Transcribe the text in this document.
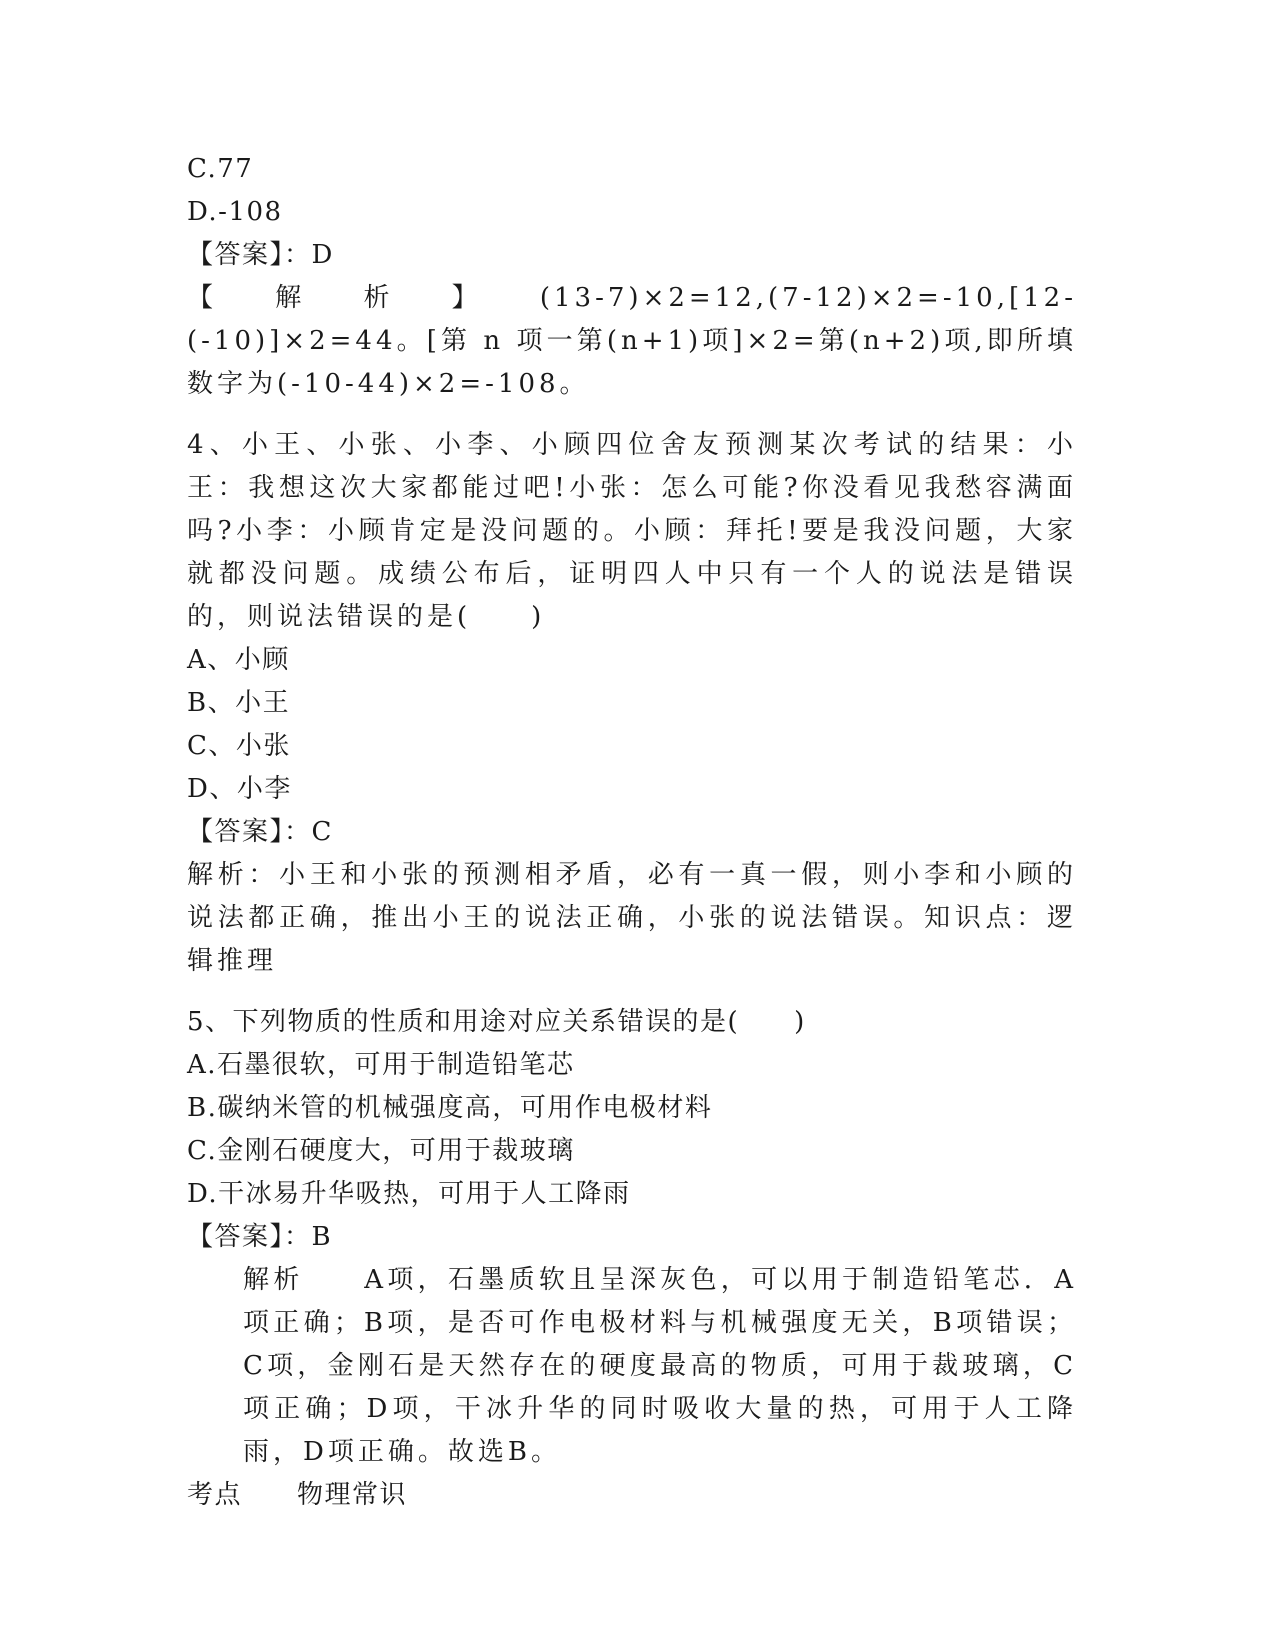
C.77
D.-108
【答案】：D
【解析】(13-7)×2=12,(7-12)×2=-10,[12-(-10)]×2=44。[第 n 项一第(n+1)项]×2=第(n+2)项,即所填数字为(-10-44)×2=-108。
4、小王、小张、小李、小顾四位舍友预测某次考试的结果：小王：我想这次大家都能过吧!小张：怎么可能?你没看见我愁容满面吗?小李：小顾肯定是没问题的。小顾：拜托!要是我没问题，大家就都没问题。成绩公布后，证明四人中只有一个人的说法是错误的，则说法错误的是(　　)
A、小顾
B、小王
C、小张
D、小李
【答案】：C
解析：小王和小张的预测相矛盾，必有一真一假，则小李和小顾的说法都正确，推出小王的说法正确，小张的说法错误。知识点：逻辑推理
5、下列物质的性质和用途对应关系错误的是(　　)
A.石墨很软，可用于制造铅笔芯
B.碳纳米管的机械强度高，可用作电极材料
C.金刚石硬度大，可用于裁玻璃
D.干冰易升华吸热，可用于人工降雨
【答案】：B
解析　　A项，石墨质软且呈深灰色，可以用于制造铅笔芯．A项正确；B项，是否可作电极材料与机械强度无关，B项错误；C项，金刚石是天然存在的硬度最高的物质，可用于裁玻璃，C项正确；D项，干冰升华的同时吸收大量的热，可用于人工降雨，D项正确。故选B。
考点　　物理常识
